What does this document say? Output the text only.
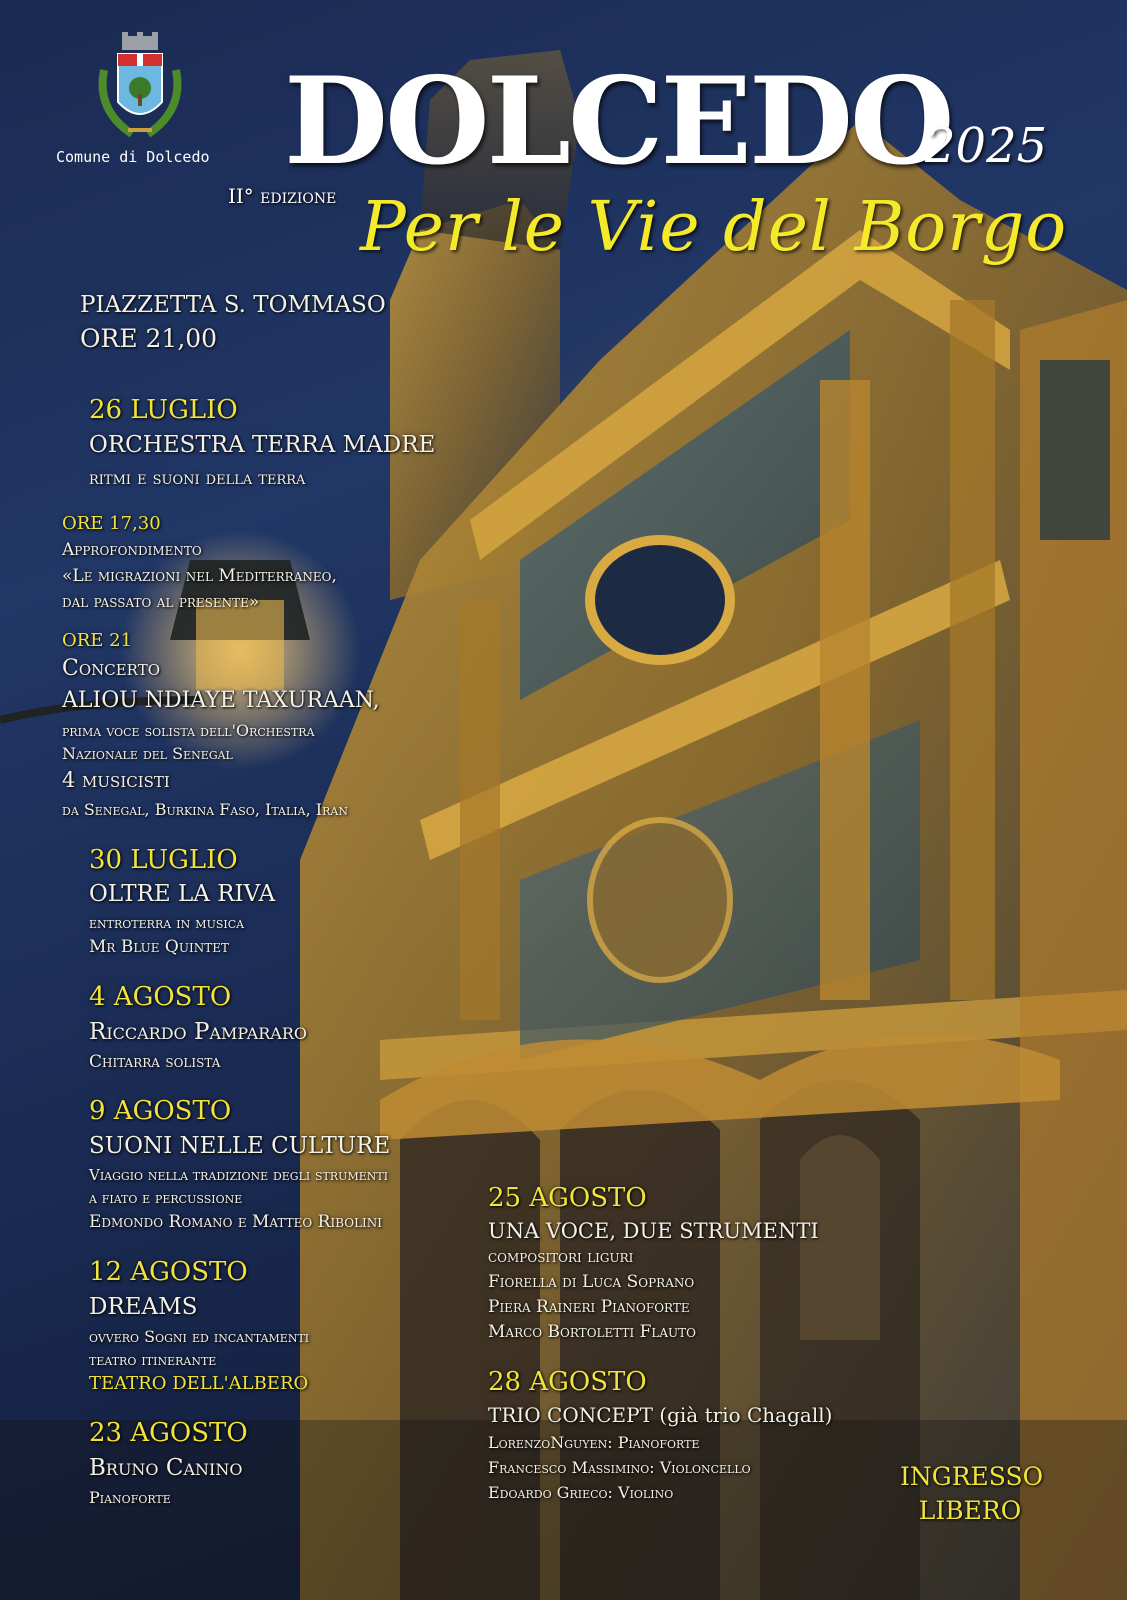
Comune di Dolcedo DOLCEDO
2025
II° edizione Per le Vie del Borgo
PIAZZETTA S. TOMMASO
ORE 21,00
26 LUGLIO
ORCHESTRA TERRA MADRE
ritmi e suoni della terra
ORE 17,30
Approfondimento
«Le migrazioni nel Mediterraneo,
dal passato al presente»
ORE 21
Concerto
ALIOU NDIAYE TAXURAAN,
prima voce solista dell'Orchestra
Nazionale del Senegal
4 musicisti
da Senegal, Burkina Faso, Italia, Iran
30 LUGLIO
OLTRE LA RIVA
entroterra in musica
Mr Blue Quintet
4 AGOSTO
Riccardo Pampararo
Chitarra solista
9 AGOSTO
SUONI NELLE CULTURE
Viaggio nella tradizione degli strumenti
a fiato e percussione
Edmondo Romano e Matteo Ribolini
12 AGOSTO
DREAMS
ovvero Sogni ed incantamenti
teatro itinerante
TEATRO DELL'ALBERO
23 AGOSTO
Bruno Canino
Pianoforte
25 AGOSTO
UNA VOCE, DUE STRUMENTI
compositori liguri
Fiorella di Luca Soprano
Piera Raineri Pianoforte
Marco Bortoletti Flauto
28 AGOSTO
TRIO CONCEPT (già trio Chagall)
LorenzoNguyen: Pianoforte
Francesco Massimino: Violoncello
Edoardo Grieco: Violino
INGRESSO
LIBERO
